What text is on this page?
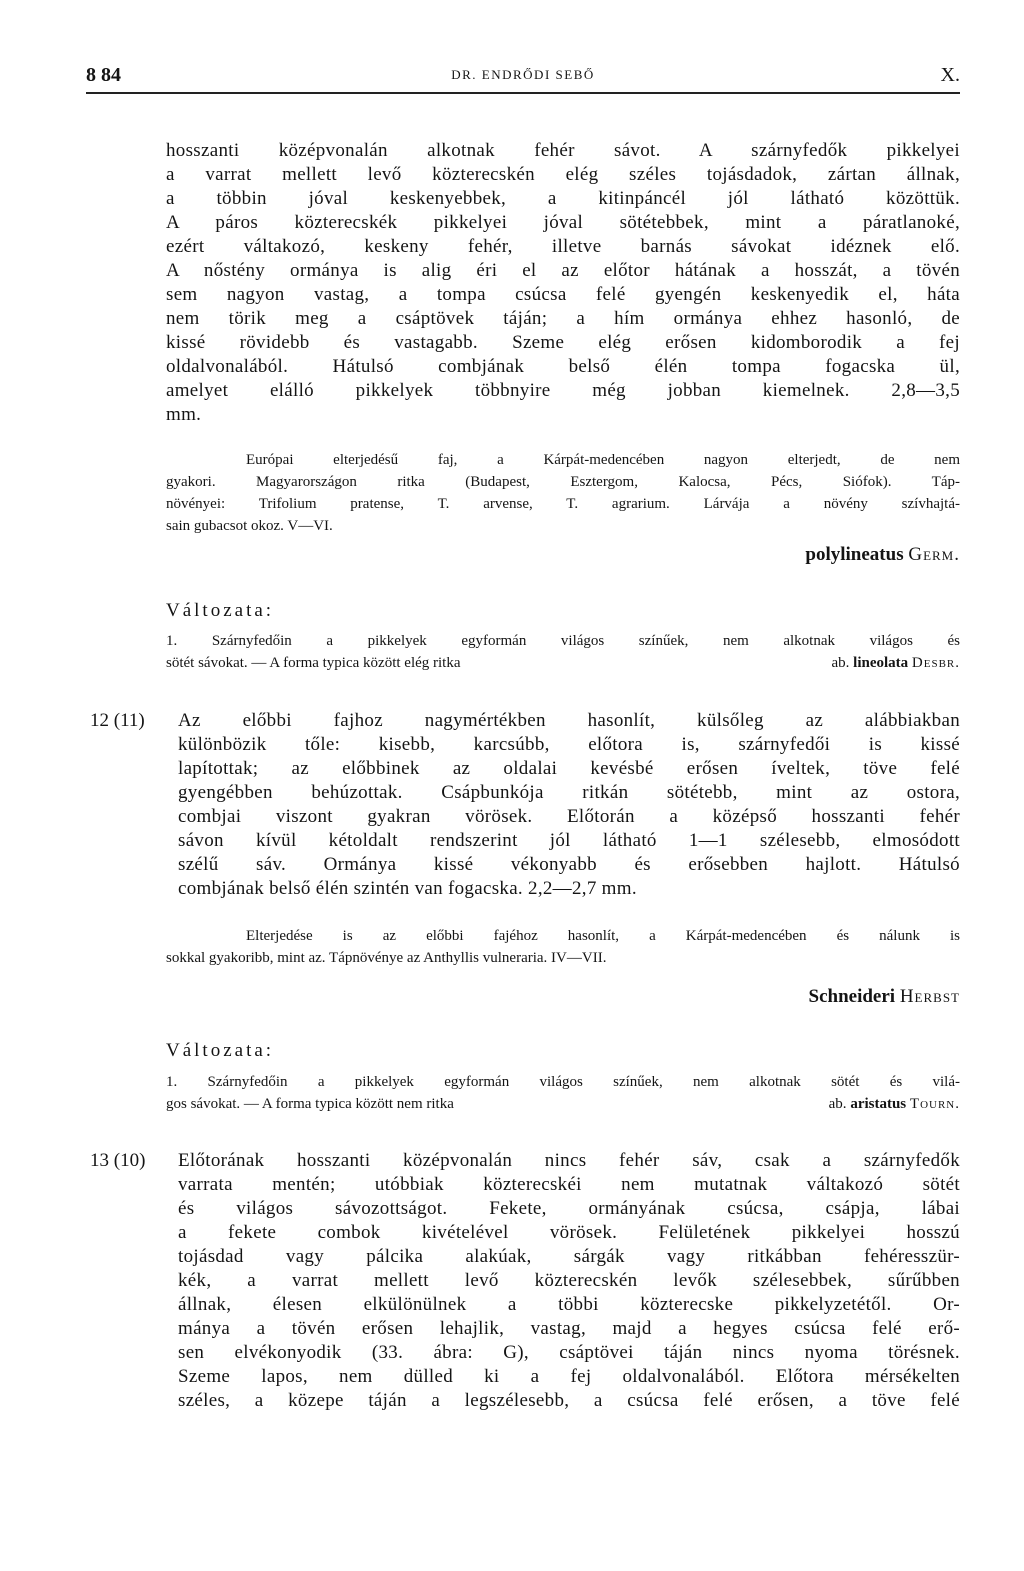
8 84	DR. ENDRŐDI SEBŐ	X.

hosszanti középvonalán alkotnak fehér sávot. A szárnyfedők pikkelyei

a varrat mellett levő közterecskén elég széles tojásdadok, zártan állnak,

a többin jóval keskenyebbek, a kitinpáncél jól látható közöttük.

A páros közterecskék pikkelyei jóval sötétebbek, mint a páratlanoké,

ezért váltakozó, keskeny fehér, illetve barnás sávokat idéznek elő.

A nőstény ormánya is alig éri el az előtor hátának a hosszát, a tövén

sem nagyon vastag, a tompa csúcsa felé gyengén keskenyedik el, háta

nem törik meg a csáptövek táján; a hím ormánya ehhez hasonló, de

kissé rövidebb és vastagabb. Szeme elég erősen kidomborodik a fej

oldalvonalából. Hátulsó combjának belső élén tompa fogacska ül,

amelyet elálló pikkelyek többnyire még jobban kiemelnek. 2,8—3,5

mm.

Európai elterjedésű faj, a Kárpát-medencében nagyon elterjedt, de nem

gyakori. Magyarországon ritka (Budapest, Esztergom, Kalocsa, Pécs, Siófok). Táp-

növényei: Trifolium pratense, T. arvense, T. agrarium. Lárvája a növény szívhajtá-

sain gubacsot okoz. V—VI.

polylineatus Germ.
Változata:

1. Szárnyfedőin a pikkelyek egyformán világos színűek, nem alkotnak világos és

sötét sávokat. — A forma typica között elég ritka	ab. lineolata Desbr.
12 (11) Az előbbi fajhoz nagymértékben hasonlít, külsőleg az alábbiakban

különbözik tőle: kisebb, karcsúbb, előtora is, szárnyfedői is kissé

lapítottak; az előbbinek az oldalai kevésbé erősen íveltek, töve felé

gyengébben behúzottak. Csápbunkója ritkán sötétebb, mint az ostora,

combjai viszont gyakran vörösek. Előtorán a középső hosszanti fehér

sávon kívül kétoldalt rendszerint jól látható 1—1 szélesebb, elmosódott

szélű sáv. Ormánya kissé vékonyabb és erősebben hajlott. Hátulsó

combjának belső élén szintén van fogacska. 2,2—2,7 mm.

Elterjedése is az előbbi fajéhoz hasonlít, a Kárpát-medencében és nálunk is

sokkal gyakoribb, mint az. Tápnövénye az Anthyllis vulneraria. IV—VII.

Schneideri Herbst
Változata:

1. Szárnyfedőin a pikkelyek egyformán világos színűek, nem alkotnak sötét és vilá-

gos sávokat. — A forma typica között nem ritka	ab. aristatus Tourn.
13 (10) Előtorának hosszanti középvonalán nincs fehér sáv, csak a szárnyfedők

varrata mentén; utóbbiak közterecskéi nem mutatnak váltakozó sötét

és világos sávozottságot. Fekete, ormányának csúcsa, csápja, lábai

a fekete combok kivételével vörösek. Felületének pikkelyei hosszú

tojásdad vagy pálcika alakúak, sárgák vagy ritkábban fehéresszür-

kék, a varrat mellett levő közterecskén levők szélesebbek, sűrűbben

állnak, élesen elkülönülnek a többi közterecske pikkelyzetétől. Or-

mánya a tövén erősen lehajlik, vastag, majd a hegyes csúcsa felé erő-

sen elvékonyodik (33. ábra: G), csáptövei táján nincs nyoma törésnek.

Szeme lapos, nem dülled ki a fej oldalvonalából. Előtora mérsékelten

széles, a közepe táján a legszélesebb, a csúcsa felé erősen, a töve felé
